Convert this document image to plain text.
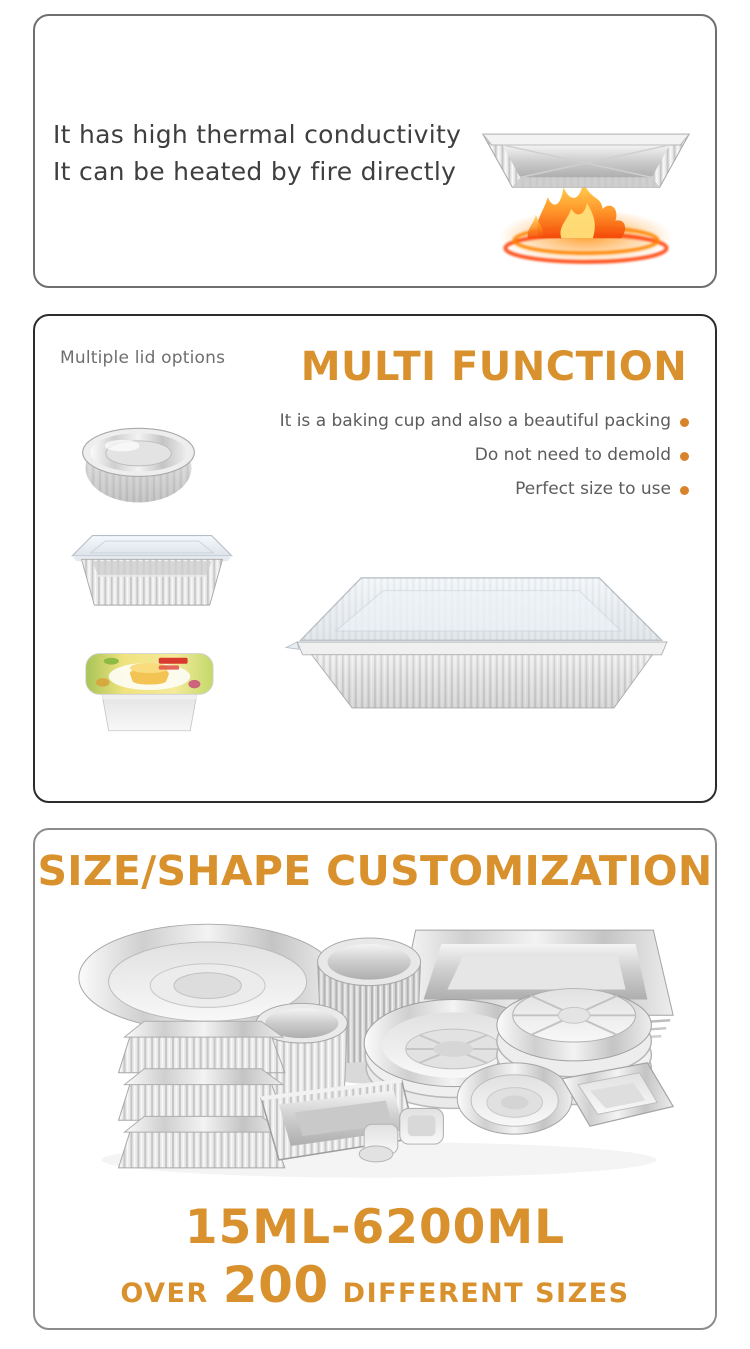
It has high thermal conductivity
It can be heated by fire directly
Multiple lid options	MULTI FUNCTION
It is a baking cup and also a beautiful packing
Do not need to demold
Perfect size to use
SIZE/SHAPE CUSTOMIZATION
15ML-6200ML
OVER 200 DIFFERENT SIZES
